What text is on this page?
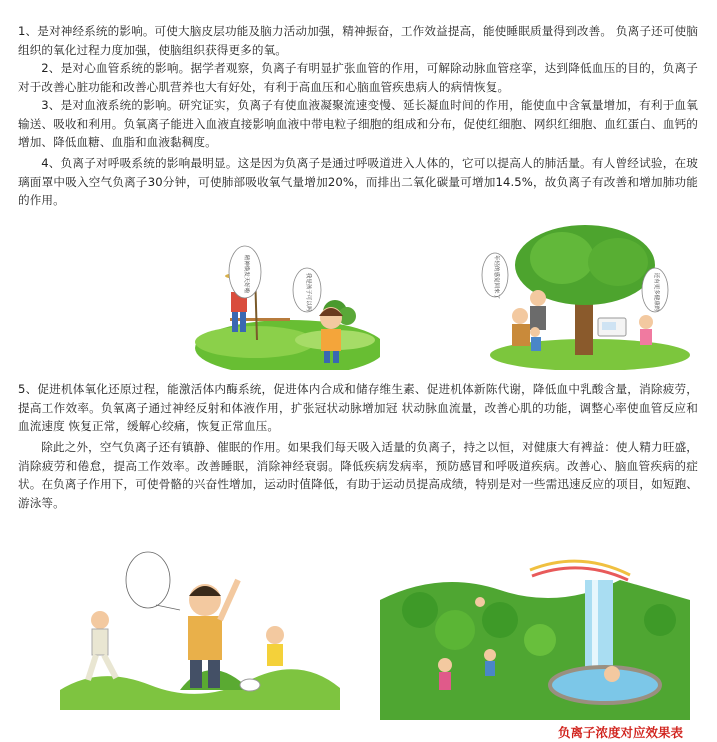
1、是对神经系统的影响。可使大脑皮层功能及脑力活动加强，精神振奋，工作效益提高，能使睡眠质量得到改善。 负离子还可使脑组织的氧化过程力度加强，使脑组织获得更多的氧。

2、是对心血管系统的影响。据学者观察，负离子有明显扩张血管的作用，可解除动脉血管痉挛，达到降低血压的目的，负离子对于改善心脏功能和改善心肌营养也大有好处，有利于高血压和心脑血管疾患病人的病情恢复。

3、是对血液系统的影响。研究证实，负离子有使血液凝聚流速变慢、延长凝血时间的作用，能使血中含氧量增加，有利于血氧输送、吸收和利用。负氧离子能进入血液直接影响血液中带电粒子细胞的组成和分布，促使红细胞、网织红细胞、血红蛋白、血钙的增加、降低血糖、血脂和血液黏稠度。

4、负离子对呼吸系统的影响最明显。这是因为负离子是通过呼吸道进入人体的，它可以提高人的肺活量。有人曾经试验，在玻璃面罩中吸入空气负离子30分钟，可使肺部吸收氧气量增加20%，而排出二氧化碳量可增加14.5%，故负离子有改善和增加肺功能的作用。

精神焕发天好啦	我是孩子可以吗	年轻的感觉回来了	还有更多健康的

5、促进机体氧化还原过程，能激活体内酶系统，促进体内合成和储存维生素、促进机体新陈代谢，降低血中乳酸含量，消除疲劳，提高工作效率。负氧离子通过神经反射和体液作用，扩张冠状动脉增加冠 状动脉血流量，改善心肌的功能，调整心率使血管反应和血流速度 恢复正常，缓解心绞痛，恢复正常血压。

除此之外，空气负离子还有镇静、催眠的作用。如果我们每天吸入适量的负离子，持之以恒，对健康大有裨益：使人精力旺盛，消除疲劳和倦怠，提高工作效率。改善睡眠，消除神经衰弱。降低疾病发病率，预防感冒和呼吸道疾病。改善心、脑血管疾病的症状。在负离子作用下，可使骨骼的兴奋性增加，运动时值降低，有助于运动员提高成绩，特别是对一些需迅速反应的项目，如短跑、游泳等。

负离子浓度对应效果表
